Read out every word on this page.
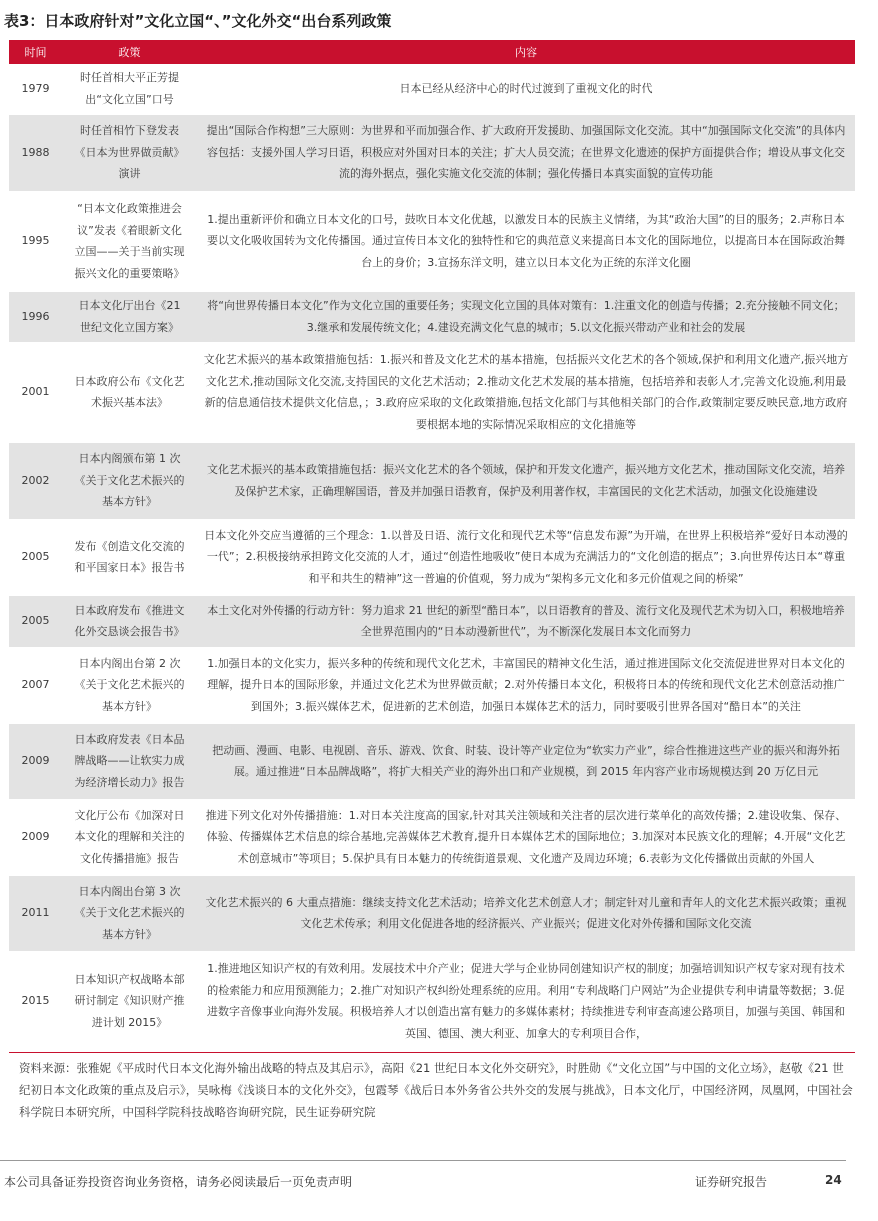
表3：日本政府针对”文化立国“、”文化外交“出台系列政策
时间	政策	内容
1979	时任首相大平正芳提出“文化立国”口号	日本已经从经济中心的时代过渡到了重视文化的时代
1988	时任首相竹下登发表《日本为世界做贡献》演讲	提出“国际合作构想”三大原则：为世界和平而加强合作、扩大政府开发援助、加强国际文化交流。其中“加强国际文化交流”的具体内容包括：支援外国人学习日语，积极应对外国对日本的关注；扩大人员交流；在世界文化遗迹的保护方面提供合作；增设从事文化交流的海外据点，强化实施文化交流的体制；强化传播日本真实面貌的宣传功能
1995	“日本文化政策推进会议”发表《着眼新文化立国——关于当前实现振兴文化的重要策略》	1.提出重新评价和确立日本文化的口号，鼓吹日本文化优越，以激发日本的民族主义情绪，为其“政治大国”的目的服务；2.声称日本要以文化吸收国转为文化传播国。通过宣传日本文化的独特性和它的典范意义来提高日本文化的国际地位，以提高日本在国际政治舞台上的身价；3.宣扬东洋文明，建立以日本文化为正统的东洋文化圈
1996	日本文化厅出台《21 世纪文化立国方案》	将“向世界传播日本文化”作为文化立国的重要任务；实现文化立国的具体对策有：1.注重文化的创造与传播；2.充分接触不同文化；3.继承和发展传统文化；4.建设充满文化气息的城市；5.以文化振兴带动产业和社会的发展
2001	日本政府公布《文化艺术振兴基本法》	文化艺术振兴的基本政策措施包括：1.振兴和普及文化艺术的基本措施，包括振兴文化艺术的各个领域,保护和利用文化遗产,振兴地方文化艺术,推动国际文化交流,支持国民的文化艺术活动；2.推动文化艺术发展的基本措施，包括培养和表彰人才,完善文化设施,利用最新的信息通信技术提供文化信息，；3.政府应采取的文化政策措施,包括文化部门与其他相关部门的合作,政策制定要反映民意,地方政府要根据本地的实际情况采取相应的文化措施等
2002	日本内阁颁布第 1 次《关于文化艺术振兴的基本方针》	文化艺术振兴的基本政策措施包括：振兴文化艺术的各个领域，保护和开发文化遗产，振兴地方文化艺术，推动国际文化交流，培养及保护艺术家，正确理解国语，普及并加强日语教育，保护及利用著作权，丰富国民的文化艺术活动，加强文化设施建设
2005	发布《创造文化交流的和平国家日本》报告书	日本文化外交应当遵循的三个理念：1.以普及日语、流行文化和现代艺术等“信息发布源”为开端，在世界上积极培养“爱好日本动漫的一代”；2.积极接纳承担跨文化交流的人才，通过“创造性地吸收”使日本成为充满活力的“文化创造的据点”；3.向世界传达日本“尊重和平和共生的精神”这一普遍的价值观，努力成为“架构多元文化和多元价值观之间的桥梁”
2005	日本政府发布《推进文化外交恳谈会报告书》	本土文化对外传播的行动方针：努力追求 21 世纪的新型“酷日本”，以日语教育的普及、流行文化及现代艺术为切入口，积极地培养全世界范围内的“日本动漫新世代”，为不断深化发展日本文化而努力
2007	日本内阁出台第 2 次《关于文化艺术振兴的基本方针》	1.加强日本的文化实力，振兴多种的传统和现代文化艺术，丰富国民的精神文化生活，通过推进国际文化交流促进世界对日本文化的理解，提升日本的国际形象，并通过文化艺术为世界做贡献；2.对外传播日本文化，积极将日本的传统和现代文化艺术创意活动推广到国外；3.振兴媒体艺术，促进新的艺术创造，加强日本媒体艺术的活力，同时要吸引世界各国对“酷日本”的关注
2009	日本政府发表《日本品牌战略——让软实力成为经济增长动力》报告	把动画、漫画、电影、电视剧、音乐、游戏、饮食、时装、设计等产业定位为“软实力产业”，综合性推进这些产业的振兴和海外拓展。通过推进“日本品牌战略”，将扩大相关产业的海外出口和产业规模，到 2015 年内容产业市场规模达到 20 万亿日元
2009	文化厅公布《加深对日本文化的理解和关注的文化传播措施》报告	推进下列文化对外传播措施：1.对日本关注度高的国家,针对其关注领域和关注者的层次进行菜单化的高效传播；2.建设收集、保存、体验、传播媒体艺术信息的综合基地,完善媒体艺术教育,提升日本媒体艺术的国际地位；3.加深对本民族文化的理解；4.开展“文化艺术创意城市”等项目；5.保护具有日本魅力的传统街道景观、文化遗产及周边环境；6.表彰为文化传播做出贡献的外国人
2011	日本内阁出台第 3 次《关于文化艺术振兴的基本方针》	文化艺术振兴的 6 大重点措施：继续支持文化艺术活动；培养文化艺术创意人才；制定针对儿童和青年人的文化艺术振兴政策；重视文化艺术传承；利用文化促进各地的经济振兴、产业振兴；促进文化对外传播和国际文化交流
2015	日本知识产权战略本部研讨制定《知识财产推进计划 2015》	1.推进地区知识产权的有效利用。发展技术中介产业；促进大学与企业协同创建知识产权的制度；加强培训知识产权专家对现有技术的检索能力和应用预测能力；2.推广对知识产权纠纷处理系统的应用。利用“专利战略门户网站”为企业提供专利申请量等数据；3.促进数字音像事业向海外发展。积极培养人才以创造出富有魅力的多媒体素材；持续推进专利审查高速公路项目，加强与美国、韩国和英国、德国、澳大利亚、加拿大的专利项目合作，
资料来源：张雅妮《平成时代日本文化海外输出战略的特点及其启示》，高阳《21 世纪日本文化外交研究》，时胜勋《“文化立国”与中国的文化立场》，赵敬《21 世纪初日本文化政策的重点及启示》，吴咏梅《浅谈日本的文化外交》，包霞琴《战后日本外务省公共外交的发展与挑战》，日本文化厅，中国经济网，凤凰网，中国社会科学院日本研究所，中国科学院科技战略咨询研究院，民生证券研究院
本公司具备证券投资咨询业务资格，请务必阅读最后一页免责声明	证券研究报告	24
